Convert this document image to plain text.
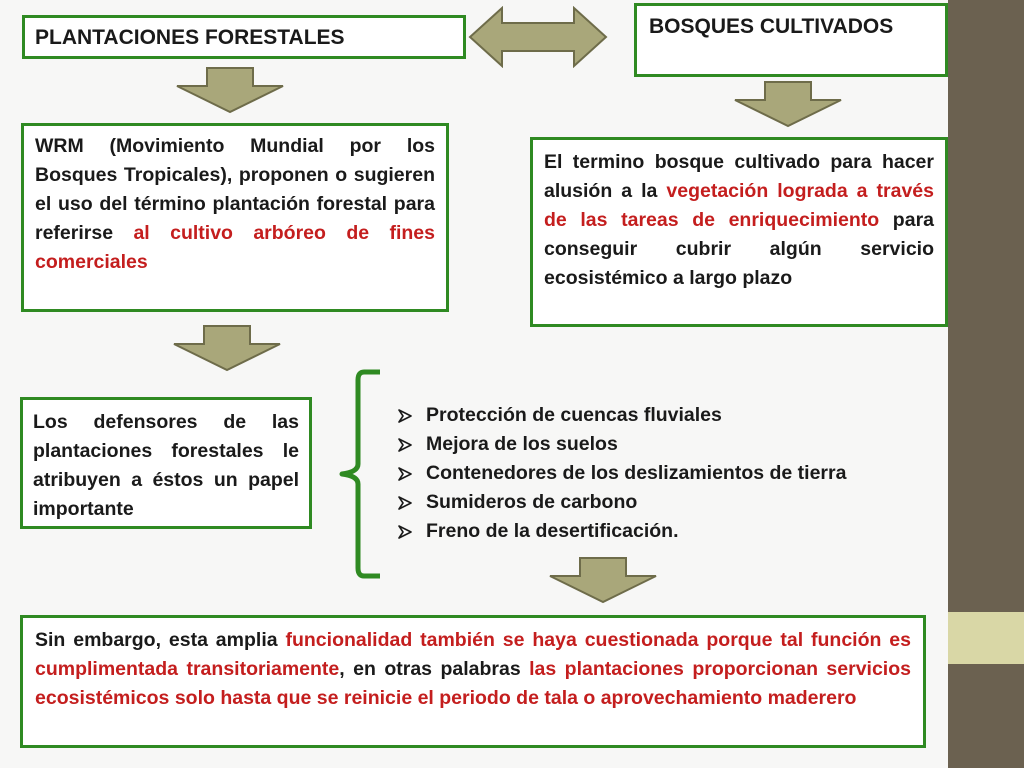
PLANTACIONES FORESTALES	BOSQUES CULTIVADOS
WRM (Movimiento Mundial por los Bosques Tropicales), proponen o sugieren el uso del término plantación forestal para referirse al cultivo arbóreo de fines comerciales
El termino bosque cultivado para hacer alusión a la vegetación lograda a través de las tareas de enriquecimiento para conseguir cubrir algún servicio ecosistémico a largo plazo
Los defensores de las plantaciones forestales le atribuyen a éstos un papel importante
Protección de cuencas fluviales
Mejora de los suelos
Contenedores de los deslizamientos de tierra
Sumideros de carbono
Freno de la desertificación.
Sin embargo, esta amplia funcionalidad también se haya cuestionada porque tal función es cumplimentada transitoriamente, en otras palabras las plantaciones proporcionan servicios ecosistémicos solo hasta que se reinicie el periodo de tala o aprovechamiento maderero
